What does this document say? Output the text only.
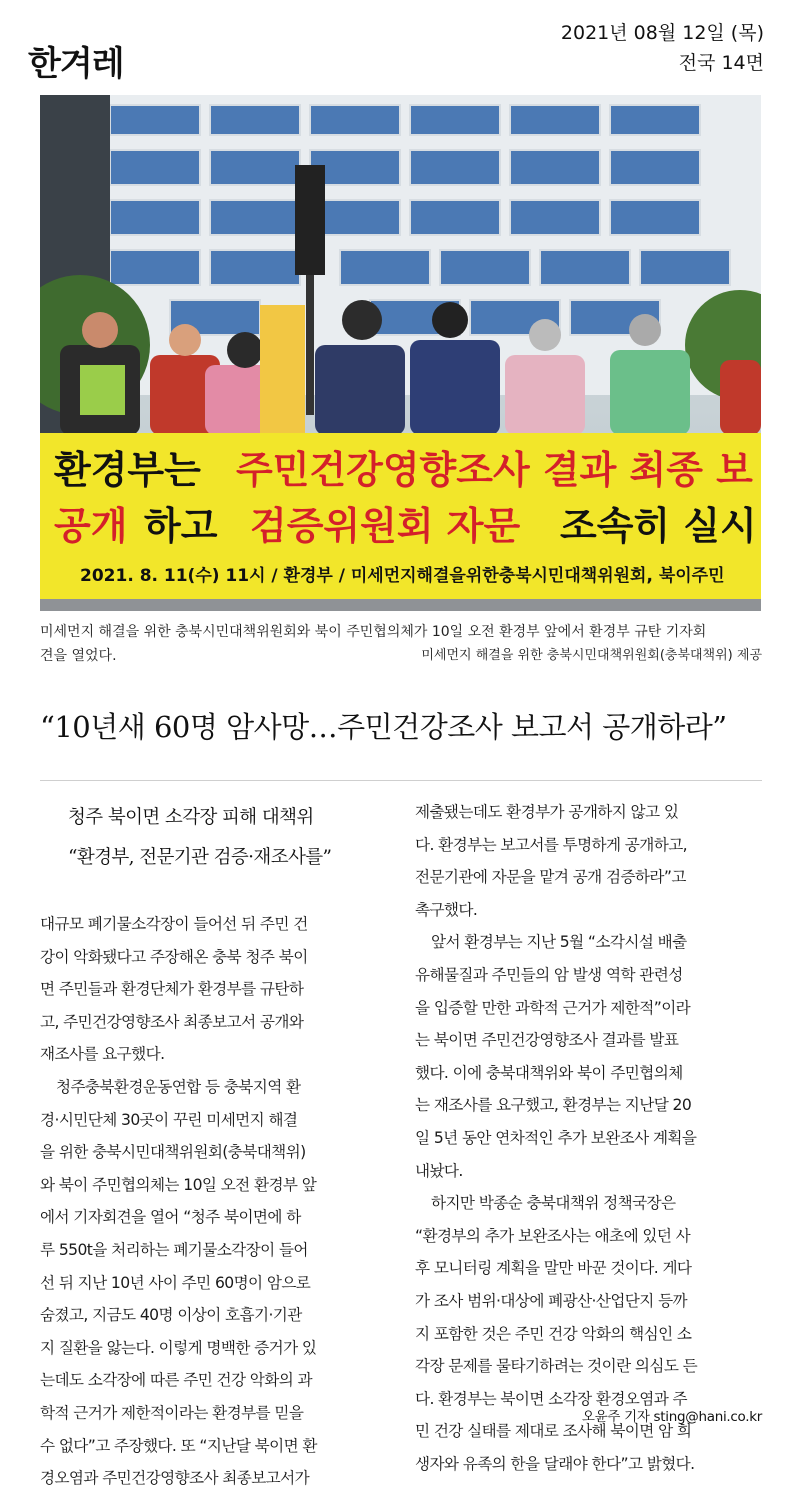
한겨레
2021년 08월 12일 (목)
전국 14면
환경부는 주민건강영향조사 결과 최종 보
공개 하고 검증위원회 자문 조속히 실시
2021. 8. 11(수) 11시 / 환경부 / 미세먼지해결을위한충북시민대책위원회, 북이주민
미세먼지 해결을 위한 충북시민대책위원회와 북이 주민협의체가 10일 오전 환경부 앞에서 환경부 규탄 기자회
견을 열었다.	미세먼지 해결을 위한 충북시민대책위원회(충북대책위) 제공
“10년새 60명 암사망…주민건강조사 보고서 공개하라”
청주 북이면 소각장 피해 대책위
“환경부, 전문기관 검증·재조사를”

대규모 폐기물소각장이 들어선 뒤 주민 건

강이 악화됐다고 주장해온 충북 청주 북이

면 주민들과 환경단체가 환경부를 규탄하

고, 주민건강영향조사 최종보고서 공개와

재조사를 요구했다.

청주충북환경운동연합 등 충북지역 환

경·시민단체 30곳이 꾸린 미세먼지 해결

을 위한 충북시민대책위원회(충북대책위)

와 북이 주민협의체는 10일 오전 환경부 앞

에서 기자회견을 열어 “청주 북이면에 하

루 550t을 처리하는 폐기물소각장이 들어

선 뒤 지난 10년 사이 주민 60명이 암으로

숨졌고, 지금도 40명 이상이 호흡기·기관

지 질환을 앓는다. 이렇게 명백한 증거가 있

는데도 소각장에 따른 주민 건강 악화의 과

학적 근거가 제한적이라는 환경부를 믿을

수 없다”고 주장했다. 또 “지난달 북이면 환

경오염과 주민건강영향조사 최종보고서가

제출됐는데도 환경부가 공개하지 않고 있

다. 환경부는 보고서를 투명하게 공개하고,

전문기관에 자문을 맡겨 공개 검증하라”고

촉구했다.

앞서 환경부는 지난 5월 “소각시설 배출

유해물질과 주민들의 암 발생 역학 관련성

을 입증할 만한 과학적 근거가 제한적”이라

는 북이면 주민건강영향조사 결과를 발표

했다. 이에 충북대책위와 북이 주민협의체

는 재조사를 요구했고, 환경부는 지난달 20

일 5년 동안 연차적인 추가 보완조사 계획을

내놨다.

하지만 박종순 충북대책위 정책국장은

“환경부의 추가 보완조사는 애초에 있던 사

후 모니터링 계획을 말만 바꾼 것이다. 게다

가 조사 범위·대상에 폐광산·산업단지 등까

지 포함한 것은 주민 건강 악화의 핵심인 소

각장 문제를 물타기하려는 것이란 의심도 든

다. 환경부는 북이면 소각장 환경오염과 주

민 건강 실태를 제대로 조사해 북이면 암 희

생자와 유족의 한을 달래야 한다”고 밝혔다.

오윤주 기자 sting@hani.co.kr
